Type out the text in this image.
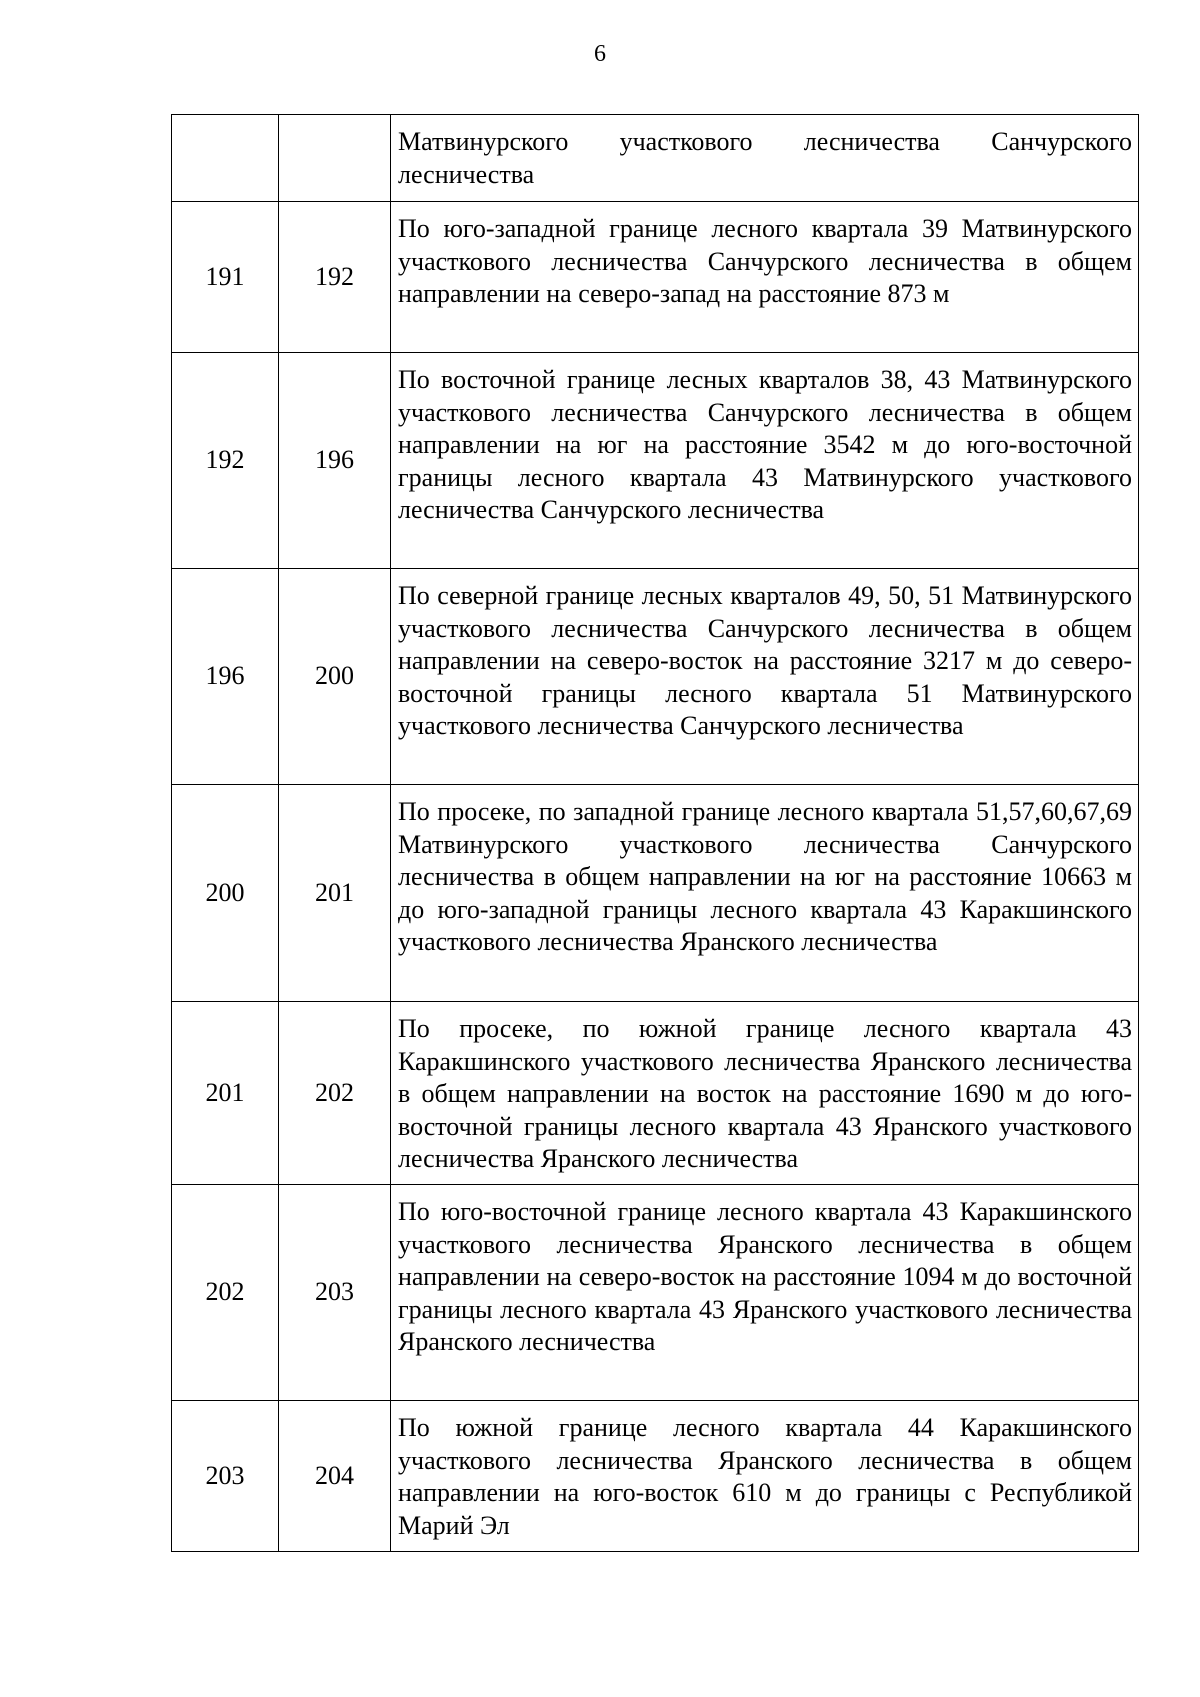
6
		Матвинурского участкового лесничества Санчурского лесничества
191	192	По юго-западной границе лесного квартала 39 Матвинурского участкового лесничества Санчурского лесничества в общем направлении на северо-запад на расстояние 873 м
192	196	По восточной границе лесных кварталов 38, 43 Матвинурского участкового лесничества Санчурского лесничества в общем направлении на юг на расстояние 3542 м до юго-восточной границы лесного квартала 43 Матвинурского участкового лесничества Санчурского лесничества
196	200	По северной границе лесных кварталов 49, 50, 51 Матвинурского участкового лесничества Санчурского лесничества в общем направлении на северо-восток на расстояние 3217 м до северо-восточной границы лесного квартала 51 Матвинурского участкового лесничества Санчурского лесничества
200	201	По просеке, по западной границе лесного квартала 51,57,60,67,69 Матвинурского участкового лесничества Санчурского лесничества в общем направлении на юг на расстояние 10663 м до юго-западной границы лесного квартала 43 Каракшинского участкового лесничества Яранского лесничества
201	202	По просеке, по южной границе лесного квартала 43 Каракшинского участкового лесничества Яранского лесничества в общем направлении на восток на расстояние 1690 м до юго-восточной границы лесного квартала 43 Яранского участкового лесничества Яранского лесничества
202	203	По юго-восточной границе лесного квартала 43 Каракшинского участкового лесничества Яранского лесничества в общем направлении на северо-восток на расстояние 1094 м до восточной границы лесного квартала 43 Яранского участкового лесничества Яранского лесничества
203	204	По южной границе лесного квартала 44 Каракшинского участкового лесничества Яранского лесничества в общем направлении на юго-восток 610 м до границы с Республикой Марий Эл
